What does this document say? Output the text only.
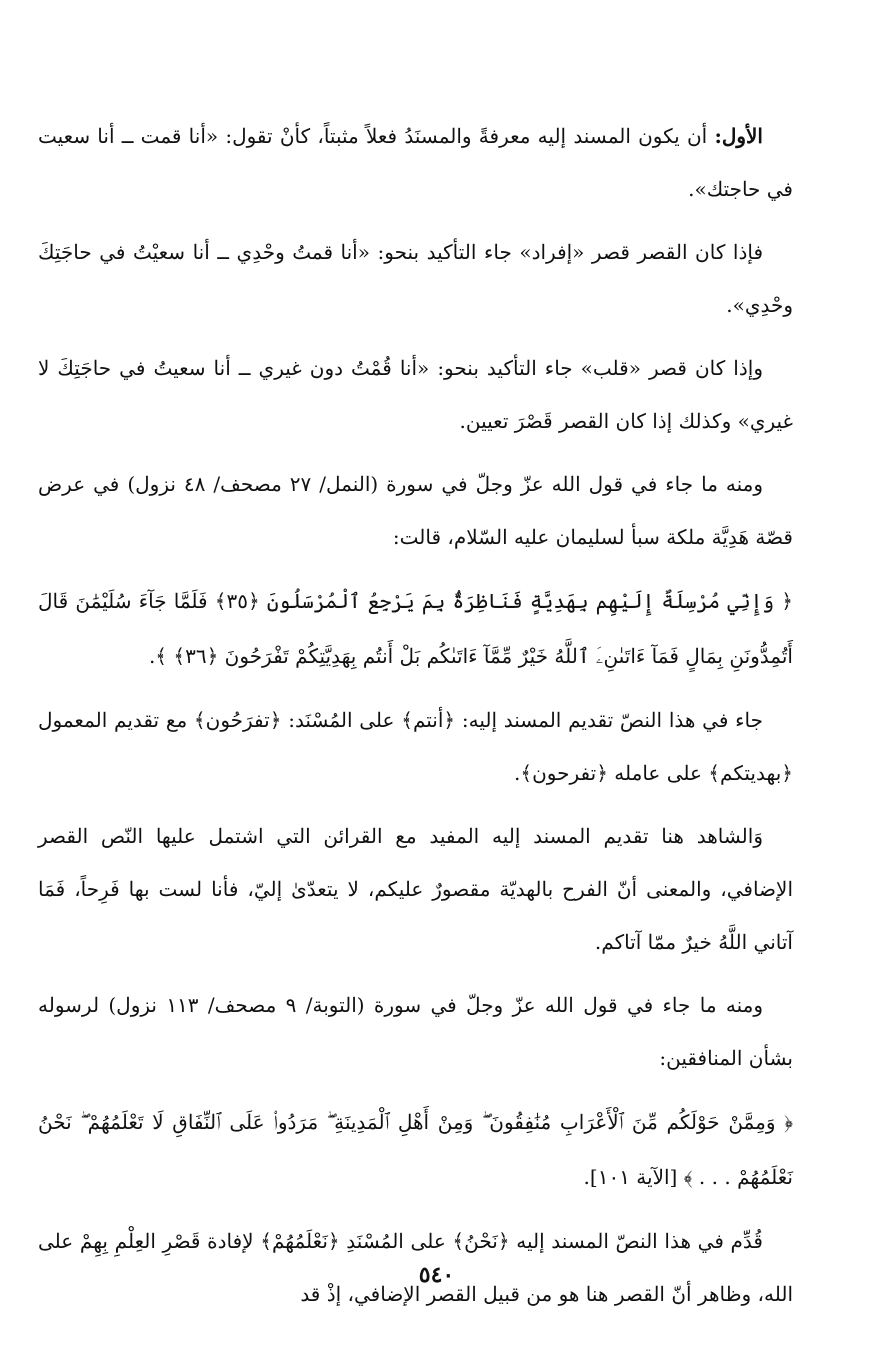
الأول: أن يكون المسند إليه معرفةً والمسنَدُ فعلاً مثبتاً، كأنْ تقول: «أنا قمت ــ أنا سعيت في حاجتك».

فإذا كان القصر قصر «إفراد» جاء التأكيد بنحو: «أنا قمتُ وحْدِي ــ أنا سعيْتُ في حاجَتِكَ وحْدِي».

وإذا كان قصر «قلب» جاء التأكيد بنحو: «أنا قُمْتُ دون غيري ــ أنا سعيتُ في حاجَتِكَ لا غيري» وكذلك إذا كان القصر قَصْرَ تعيين.

ومنه ما جاء في قول الله عزّ وجلّ في سورة (النمل/ ٢٧ مصحف/ ٤٨ نزول) في عرض قصّة هَدِيَّة ملكة سبأ لسليمان عليه السّلام، قالت:

﴿ وَإِنِّي مُرْسِلَةٌ إِلَيْهِم بِهَدِيَّةٍ فَنَاظِرَةٌۢ بِمَ يَرْجِعُ ٱلْمُرْسَلُونَ ﴿٣٥﴾ فَلَمَّا جَآءَ سُلَيْمَٰنَ قَالَ أَتُمِدُّونَنِ بِمَالٍ فَمَآ ءَاتَىٰنِۦَ ٱللَّهُ خَيْرٌ مِّمَّآ ءَاتَىٰكُم بَلْ أَنتُم بِهَدِيَّتِكُمْ تَفْرَحُونَ ﴿٣٦﴾ ﴾.

جاء في هذا النصّ تقديم المسند إليه: ﴿أنتم﴾ على المُسْنَد: ﴿تفرَحُون﴾ مع تقديم المعمول ﴿بهديتكم﴾ على عامله ﴿تفرحون﴾.

وَالشاهد هنا تقديم المسند إليه المفيد مع القرائن التي اشتمل عليها النّص القصر الإضافي، والمعنى أنّ الفرح بالهديّة مقصورٌ عليكم، لا يتعدّىٰ إليّ، فأنا لست بها فَرِحاً، فَمَا آتاني اللَّهُ خيرٌ ممّا آتاكم.

ومنه ما جاء في قول الله عزّ وجلّ في سورة (التوبة/ ٩ مصحف/ ١١٣ نزول) لرسوله بشأن المنافقين:

﴿ وَمِمَّنْ حَوْلَكُم مِّنَ ٱلْأَعْرَابِ مُنَٰفِقُونَ ۖ وَمِنْ أَهْلِ ٱلْمَدِينَةِ ۖ مَرَدُوا۟ عَلَى ٱلنِّفَاقِ لَا تَعْلَمُهُمْ ۖ نَحْنُ نَعْلَمُهُمْ . . . ﴾ [الآية ١٠١].

قُدِّم في هذا النصّ المسند إليه ﴿نَحْنُ﴾ على المُسْنَدِ ﴿نَعْلَمُهُمْ﴾ لإفادة قَصْرِ العِلْمِ بِهِمْ على الله، وظاهر أنّ القصر هنا هو من قبيل القصر الإضافي، إذْ قد

٥٤٠
